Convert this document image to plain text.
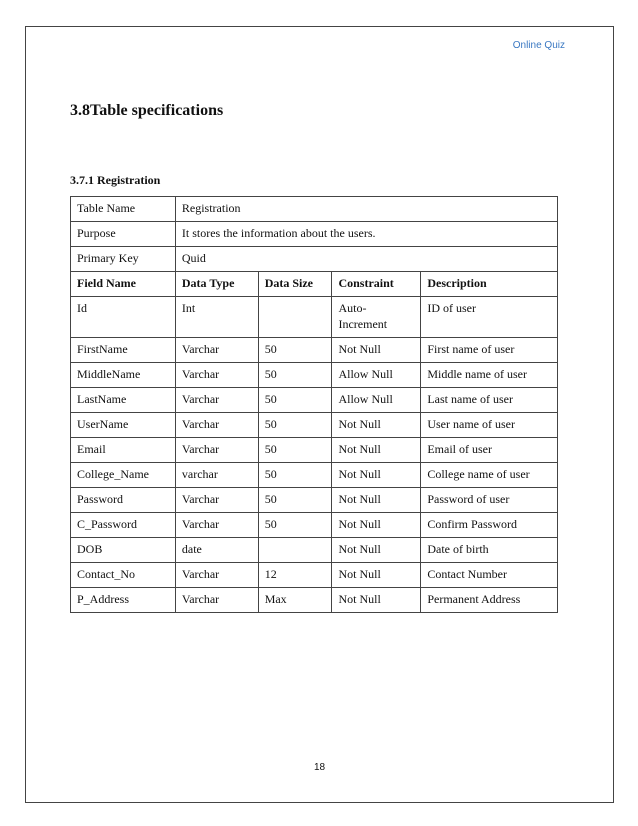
Online Quiz
3.8Table specifications
3.7.1 Registration
Table Name	Registration			
Purpose	It stores the information about the users.			
Primary Key	Quid			
Field Name	Data Type	Data Size	Constraint	Description
Id	Int		Auto- Increment	ID of user
FirstName	Varchar	50	Not Null	First name of user
MiddleName	Varchar	50	Allow Null	Middle name of user
LastName	Varchar	50	Allow Null	Last name of user
UserName	Varchar	50	Not Null	User name of user
Email	Varchar	50	Not Null	Email of user
College_Name	varchar	50	Not Null	College name of user
Password	Varchar	50	Not Null	Password of user
C_Password	Varchar	50	Not Null	Confirm Password
DOB	date		Not Null	Date of birth
Contact_No	Varchar	12	Not Null	Contact Number
P_Address	Varchar	Max	Not Null	Permanent Address
18
